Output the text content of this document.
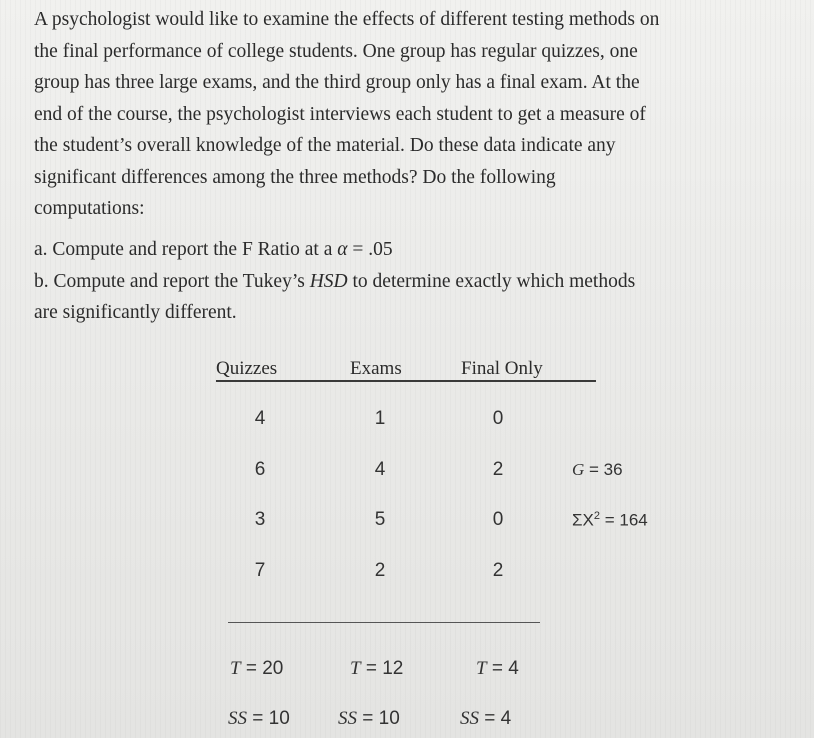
A psychologist would like to examine the effects of different testing methods on
the final performance of college students. One group has regular quizzes, one
group has three large exams, and the third group only has a final exam. At the
end of the course, the psychologist interviews each student to get a measure of
the student’s overall knowledge of the material. Do these data indicate any
significant differences among the three methods? Do the following
computations:
a. Compute and report the F Ratio at a α = .05
b. Compute and report the Tukey’s HSD to determine exactly which methods
are significantly different.
Quizzes	Exams	Final Only
4	1	0
6	4	2
3	5	0
7	2	2
G = 36
$\Sigma X^2 = 164$
T = 20	T = 12	T = 4
SS = 10	SS = 10	SS = 4
